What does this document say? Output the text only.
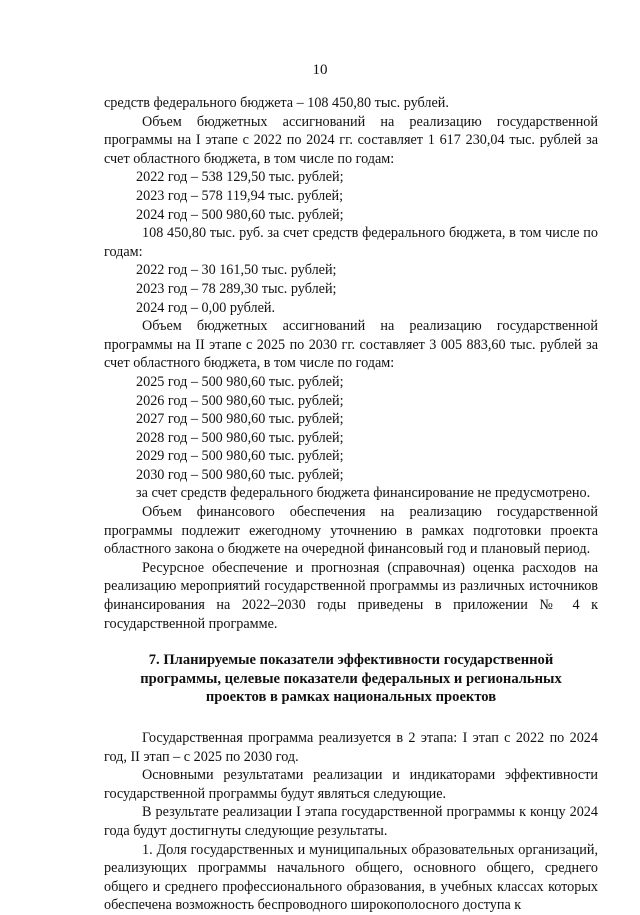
10

средств федерального бюджета – 108 450,80 тыс. рублей.

Объем бюджетных ассигнований на реализацию государственной программы на I этапе с 2022 по 2024 гг. составляет 1 617 230,04 тыс. рублей за счет областного бюджета, в том числе по годам:

2022 год – 538 129,50 тыс. рублей;

2023 год – 578 119,94 тыс. рублей;

2024 год – 500 980,60 тыс. рублей;

108 450,80 тыс. руб. за счет средств федерального бюджета, в том числе по годам:

2022 год – 30 161,50 тыс. рублей;

2023 год – 78 289,30 тыс. рублей;

2024 год – 0,00 рублей.

Объем бюджетных ассигнований на реализацию государственной программы на II этапе с 2025 по 2030 гг. составляет 3 005 883,60 тыс. рублей за счет областного бюджета, в том числе по годам:

2025 год – 500 980,60 тыс. рублей;

2026 год – 500 980,60 тыс. рублей;

2027 год – 500 980,60 тыс. рублей;

2028 год – 500 980,60 тыс. рублей;

2029 год – 500 980,60 тыс. рублей;

2030 год – 500 980,60 тыс. рублей;

за счет средств федерального бюджета финансирование не предусмотрено.

Объем финансового обеспечения на реализацию государственной программы подлежит ежегодному уточнению в рамках подготовки проекта областного закона о бюджете на очередной финансовый год и плановый период.

Ресурсное обеспечение и прогнозная (справочная) оценка расходов на реализацию мероприятий государственной программы из различных источников финансирования на 2022–2030 годы приведены в приложении № 4 к государственной программе.

7. Планируемые показатели эффективности государственной программы, целевые показатели федеральных и региональных проектов в рамках национальных проектов

Государственная программа реализуется в 2 этапа: I этап с 2022 по 2024 год, II этап – с 2025 по 2030 год.

Основными результатами реализации и индикаторами эффективности государственной программы будут являться следующие.

В результате реализации I этапа государственной программы к концу 2024 года будут достигнуты следующие результаты.

1. Доля государственных и муниципальных образовательных организаций, реализующих программы начального общего, основного общего, среднего общего и среднего профессионального образования, в учебных классах которых обеспечена возможность беспроводного широкополосного доступа к
